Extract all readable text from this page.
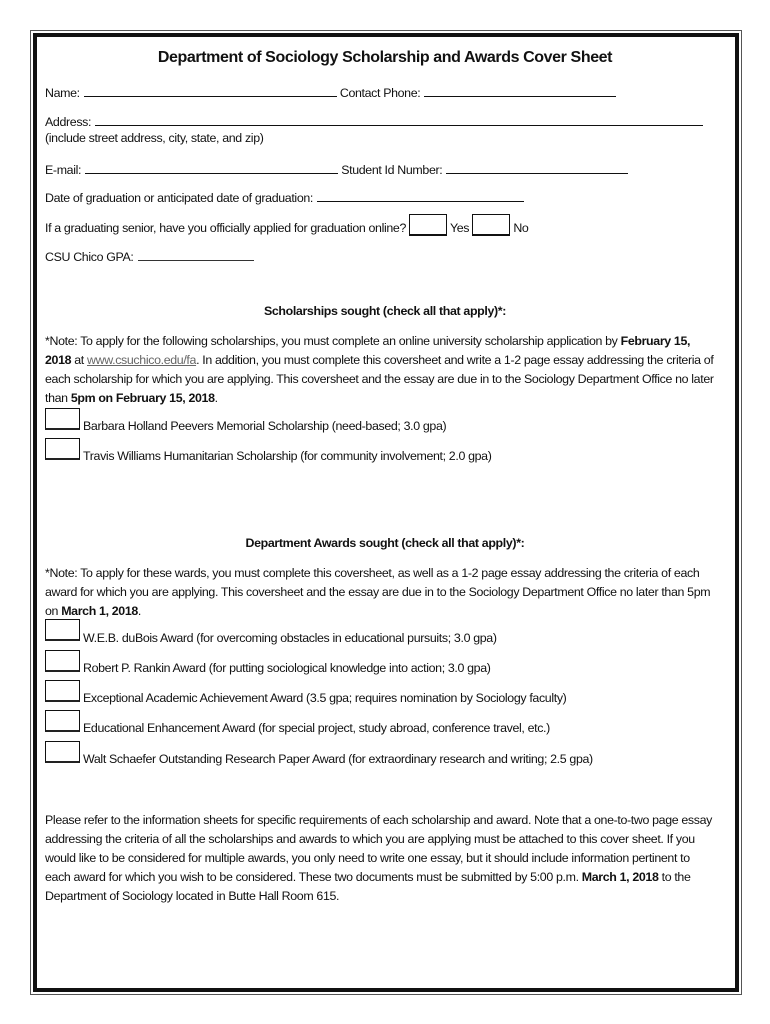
Department of Sociology Scholarship and Awards Cover Sheet
Name:	Contact Phone:
Address:
(include street address, city, state, and zip)
E-mail:	Student Id Number:
Date of graduation or anticipated date of graduation:
If a graduating senior, have you officially applied for graduation online?	Yes	No
CSU Chico GPA:
Scholarships sought (check all that apply)*:
*Note: To apply for the following scholarships, you must complete an online university scholarship application by February 15, 2018 at www.csuchico.edu/fa. In addition, you must complete this coversheet and write a 1-2 page essay addressing the criteria of each scholarship for which you are applying. This coversheet and the essay are due in to the Sociology Department Office no later than 5pm on February 15, 2018.
Barbara Holland Peevers Memorial Scholarship (need-based; 3.0 gpa)
Travis Williams Humanitarian Scholarship (for community involvement; 2.0 gpa)
Department Awards sought (check all that apply)*:
*Note: To apply for these wards, you must complete this coversheet, as well as a 1-2 page essay addressing the criteria of each award for which you are applying. This coversheet and the essay are due in to the Sociology Department Office no later than 5pm on March 1, 2018.
W.E.B. duBois Award (for overcoming obstacles in educational pursuits; 3.0 gpa)
Robert P. Rankin Award (for putting sociological knowledge into action; 3.0 gpa)
Exceptional Academic Achievement Award (3.5 gpa; requires nomination by Sociology faculty)
Educational Enhancement Award (for special project, study abroad, conference travel, etc.)
Walt Schaefer Outstanding Research Paper Award (for extraordinary research and writing; 2.5 gpa)
Please refer to the information sheets for specific requirements of each scholarship and award. Note that a one-to-two page essay addressing the criteria of all the scholarships and awards to which you are applying must be attached to this cover sheet. If you would like to be considered for multiple awards, you only need to write one essay, but it should include information pertinent to each award for which you wish to be considered. These two documents must be submitted by 5:00 p.m. March 1, 2018 to the Department of Sociology located in Butte Hall Room 615.
